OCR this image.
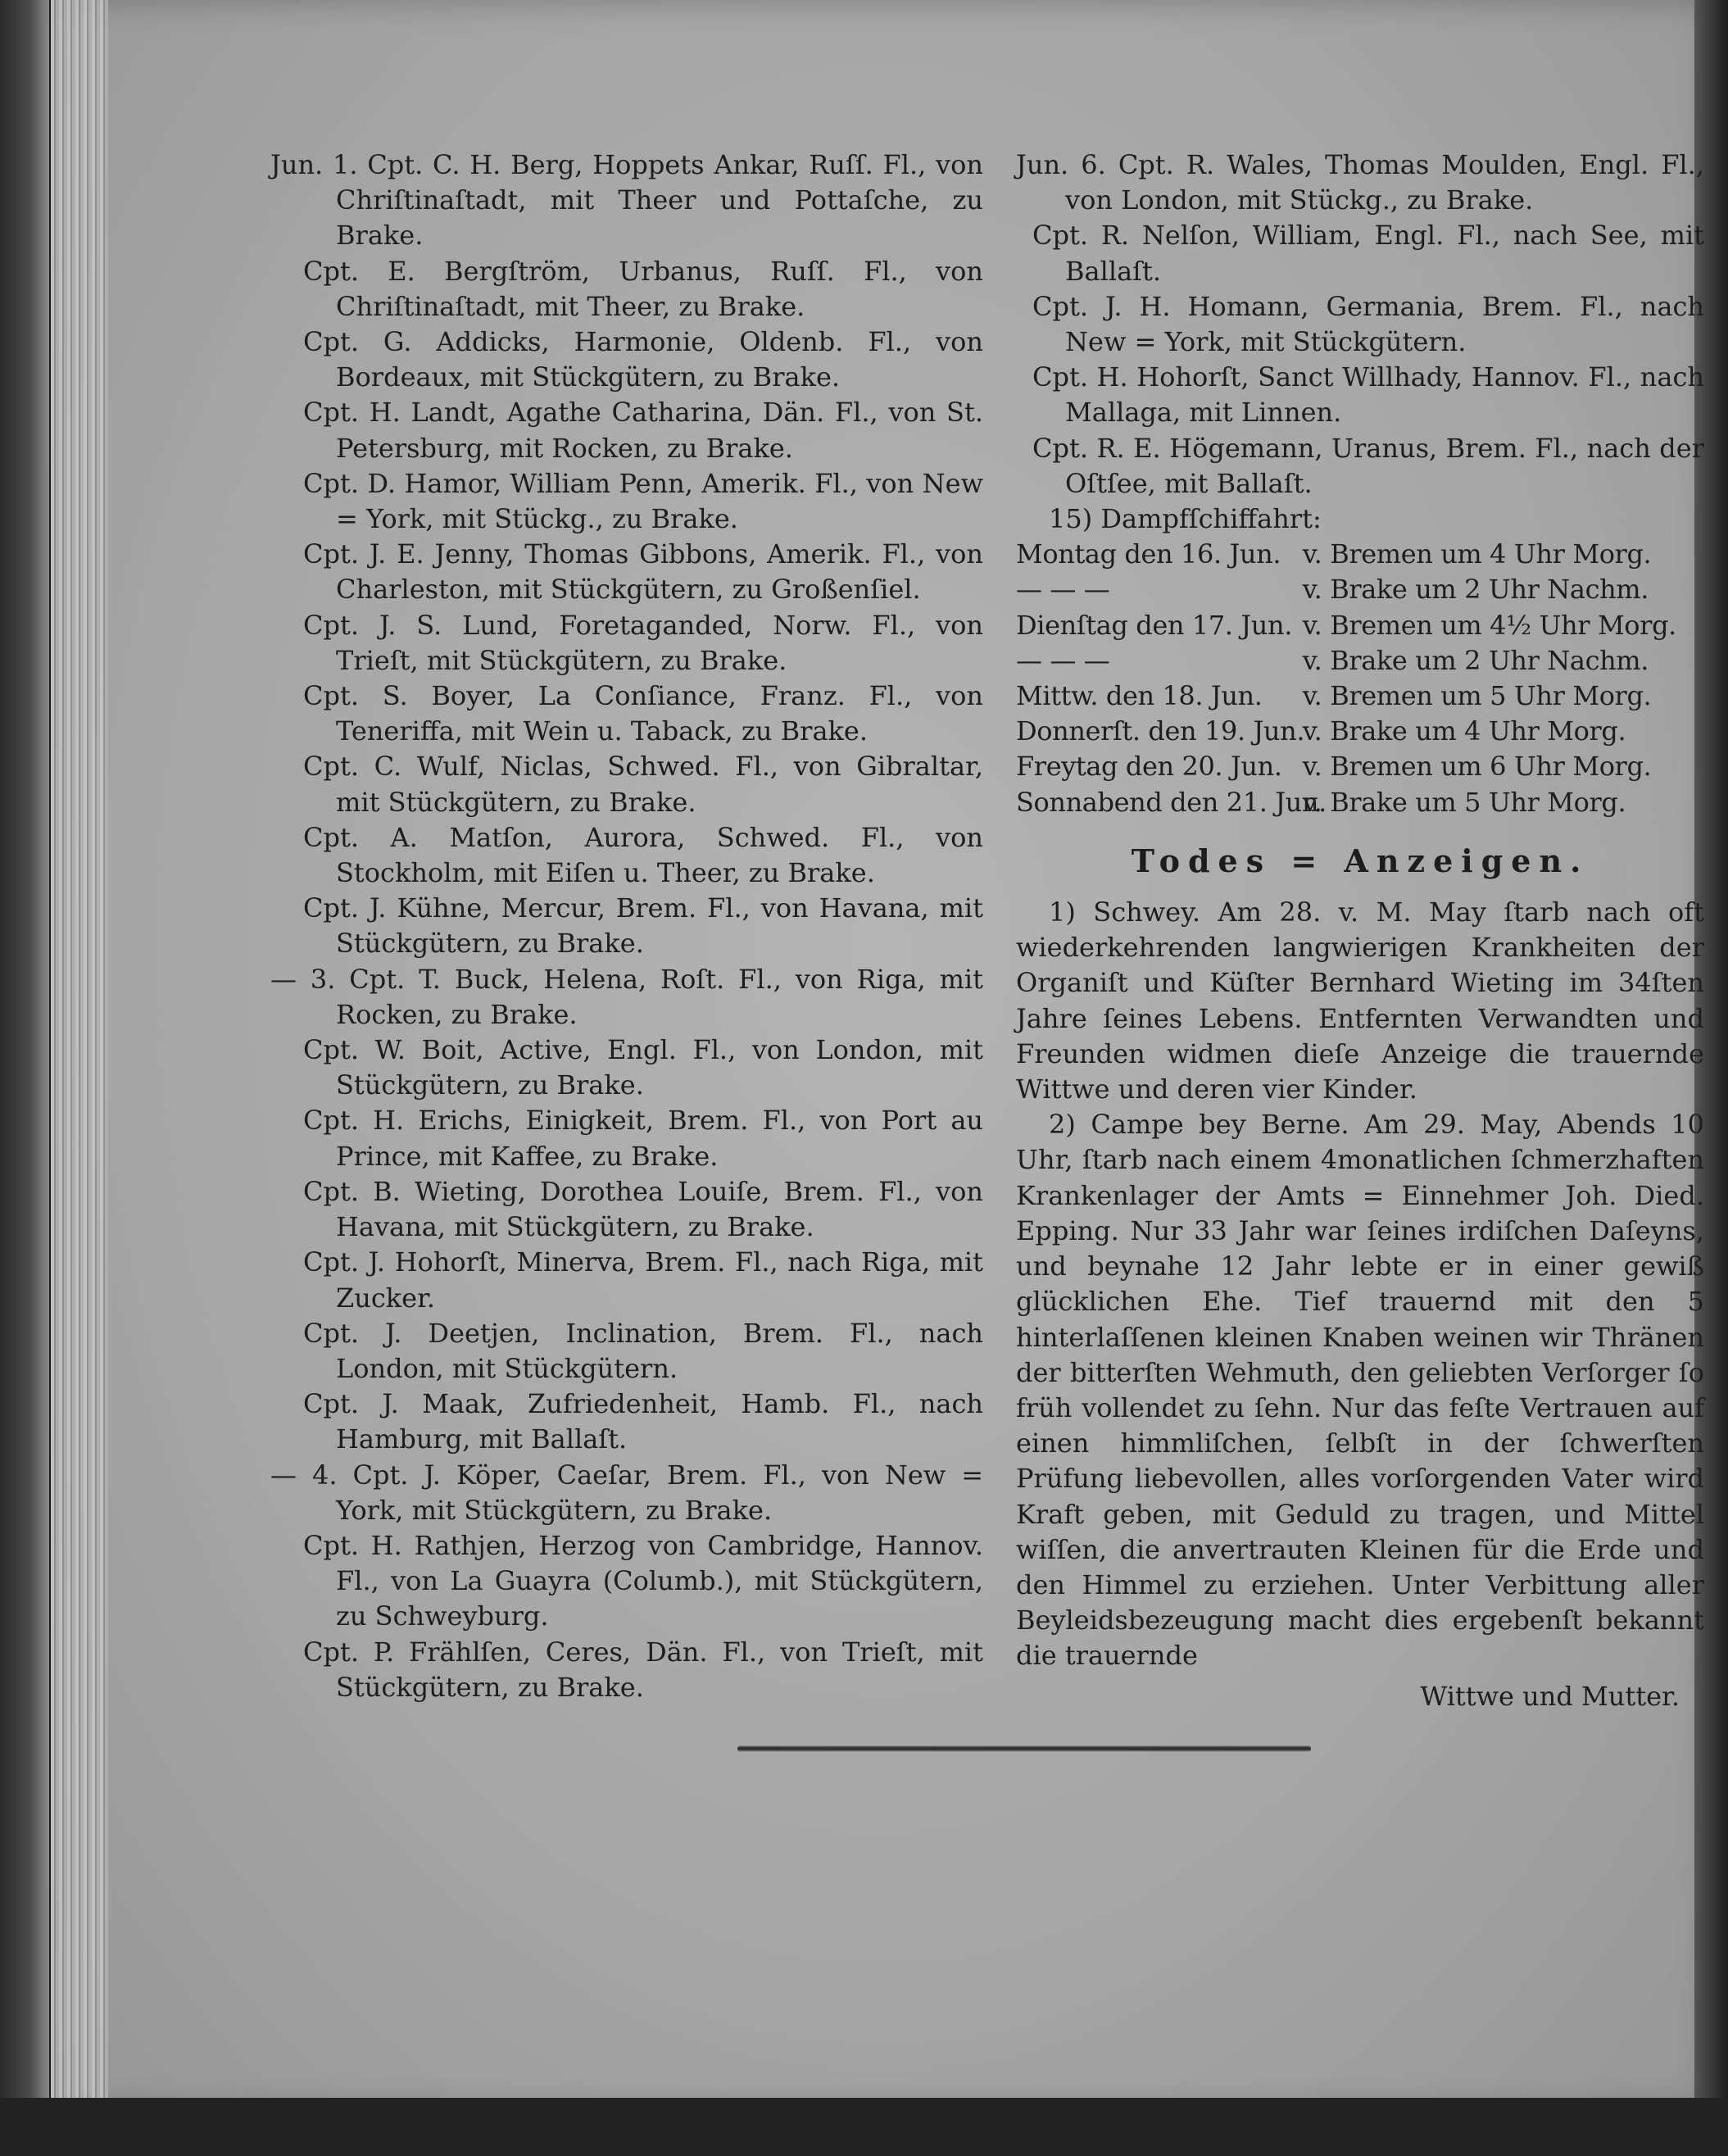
Jun. 1. Cpt. C. H. Berg, Hoppets Ankar, Ruſſ. Fl., von Chriſtinaſtadt, mit Theer und Pottaſche, zu Brake.

Cpt. E. Bergſtröm, Urbanus, Ruſſ. Fl., von Chriſtinaſtadt, mit Theer, zu Brake.

Cpt. G. Addicks, Harmonie, Oldenb. Fl., von Bordeaux, mit Stückgütern, zu Brake.

Cpt. H. Landt, Agathe Catharina, Dän. Fl., von St. Petersburg, mit Rocken, zu Brake.

Cpt. D. Hamor, William Penn, Amerik. Fl., von New = York, mit Stückg., zu Brake.

Cpt. J. E. Jenny, Thomas Gibbons, Amerik. Fl., von Charleston, mit Stückgütern, zu Großenſiel.

Cpt. J. S. Lund, Foretaganded, Norw. Fl., von Trieſt, mit Stückgütern, zu Brake.

Cpt. S. Boyer, La Conſiance, Franz. Fl., von Teneriffa, mit Wein u. Taback, zu Brake.

Cpt. C. Wulf, Niclas, Schwed. Fl., von Gibraltar, mit Stückgütern, zu Brake.

Cpt. A. Matſon, Aurora, Schwed. Fl., von Stockholm, mit Eiſen u. Theer, zu Brake.

Cpt. J. Kühne, Mercur, Brem. Fl., von Havana, mit Stückgütern, zu Brake.

— 3. Cpt. T. Buck, Helena, Roſt. Fl., von Riga, mit Rocken, zu Brake.

Cpt. W. Boit, Active, Engl. Fl., von London, mit Stückgütern, zu Brake.

Cpt. H. Erichs, Einigkeit, Brem. Fl., von Port au Prince, mit Kaffee, zu Brake.

Cpt. B. Wieting, Dorothea Louiſe, Brem. Fl., von Havana, mit Stückgütern, zu Brake.

Cpt. J. Hohorſt, Minerva, Brem. Fl., nach Riga, mit Zucker.

Cpt. J. Deetjen, Inclination, Brem. Fl., nach London, mit Stückgütern.

Cpt. J. Maak, Zufriedenheit, Hamb. Fl., nach Hamburg, mit Ballaſt.

— 4. Cpt. J. Köper, Caeſar, Brem. Fl., von New = York, mit Stückgütern, zu Brake.

Cpt. H. Rathjen, Herzog von Cambridge, Hannov. Fl., von La Guayra (Columb.), mit Stückgütern, zu Schweyburg.

Cpt. P. Frählſen, Ceres, Dän. Fl., von Trieſt, mit Stückgütern, zu Brake.

Jun. 6. Cpt. R. Wales, Thomas Moulden, Engl. Fl., von London, mit Stückg., zu Brake.

Cpt. R. Nelſon, William, Engl. Fl., nach See, mit Ballaſt.

Cpt. J. H. Homann, Germania, Brem. Fl., nach New = York, mit Stückgütern.

Cpt. H. Hohorſt, Sanct Willhady, Hannov. Fl., nach Mallaga, mit Linnen.

Cpt. R. E. Högemann, Uranus, Brem. Fl., nach der Oſtſee, mit Ballaſt.

15) Dampfſchiffahrt:

Montag den 16. Jun. v. Bremen um 4 Uhr Morg.

— — —	v. Brake um 2 Uhr Nachm.

Dienſtag den 17. Jun. v. Bremen um 4½ Uhr Morg.

— — —	v. Brake um 2 Uhr Nachm.

Mittw. den 18. Jun. v. Bremen um 5 Uhr Morg.

Donnerſt. den 19. Jun. v. Brake um 4 Uhr Morg.

Freytag den 20. Jun. v. Bremen um 6 Uhr Morg.

Sonnabend den 21. Jun. v. Brake um 5 Uhr Morg.

Todes = Anzeigen.

1) Schwey. Am 28. v. M. May ſtarb nach oft wiederkehrenden langwierigen Krankheiten der Organiſt und Küſter Bernhard Wieting im 34ſten Jahre ſeines Lebens. Entfernten Verwandten und Freunden widmen dieſe Anzeige die trauernde Wittwe und deren vier Kinder.

2) Campe bey Berne. Am 29. May, Abends 10 Uhr, ſtarb nach einem 4monatlichen ſchmerzhaften Krankenlager der Amts = Einnehmer Joh. Died. Epping. Nur 33 Jahr war ſeines irdiſchen Daſeyns, und beynahe 12 Jahr lebte er in einer gewiß glücklichen Ehe. Tief trauernd mit den 5 hinterlaſſenen kleinen Knaben weinen wir Thränen der bitterſten Wehmuth, den geliebten Verſorger ſo früh vollendet zu ſehn. Nur das feſte Vertrauen auf einen himmliſchen, ſelbſt in der ſchwerſten Prüfung liebevollen, alles vorſorgenden Vater wird Kraft geben, mit Geduld zu tragen, und Mittel wiſſen, die anvertrauten Kleinen für die Erde und den Himmel zu erziehen. Unter Verbittung aller Beyleidsbezeugung macht dies ergebenſt bekannt die trauernde

Wittwe und Mutter.
